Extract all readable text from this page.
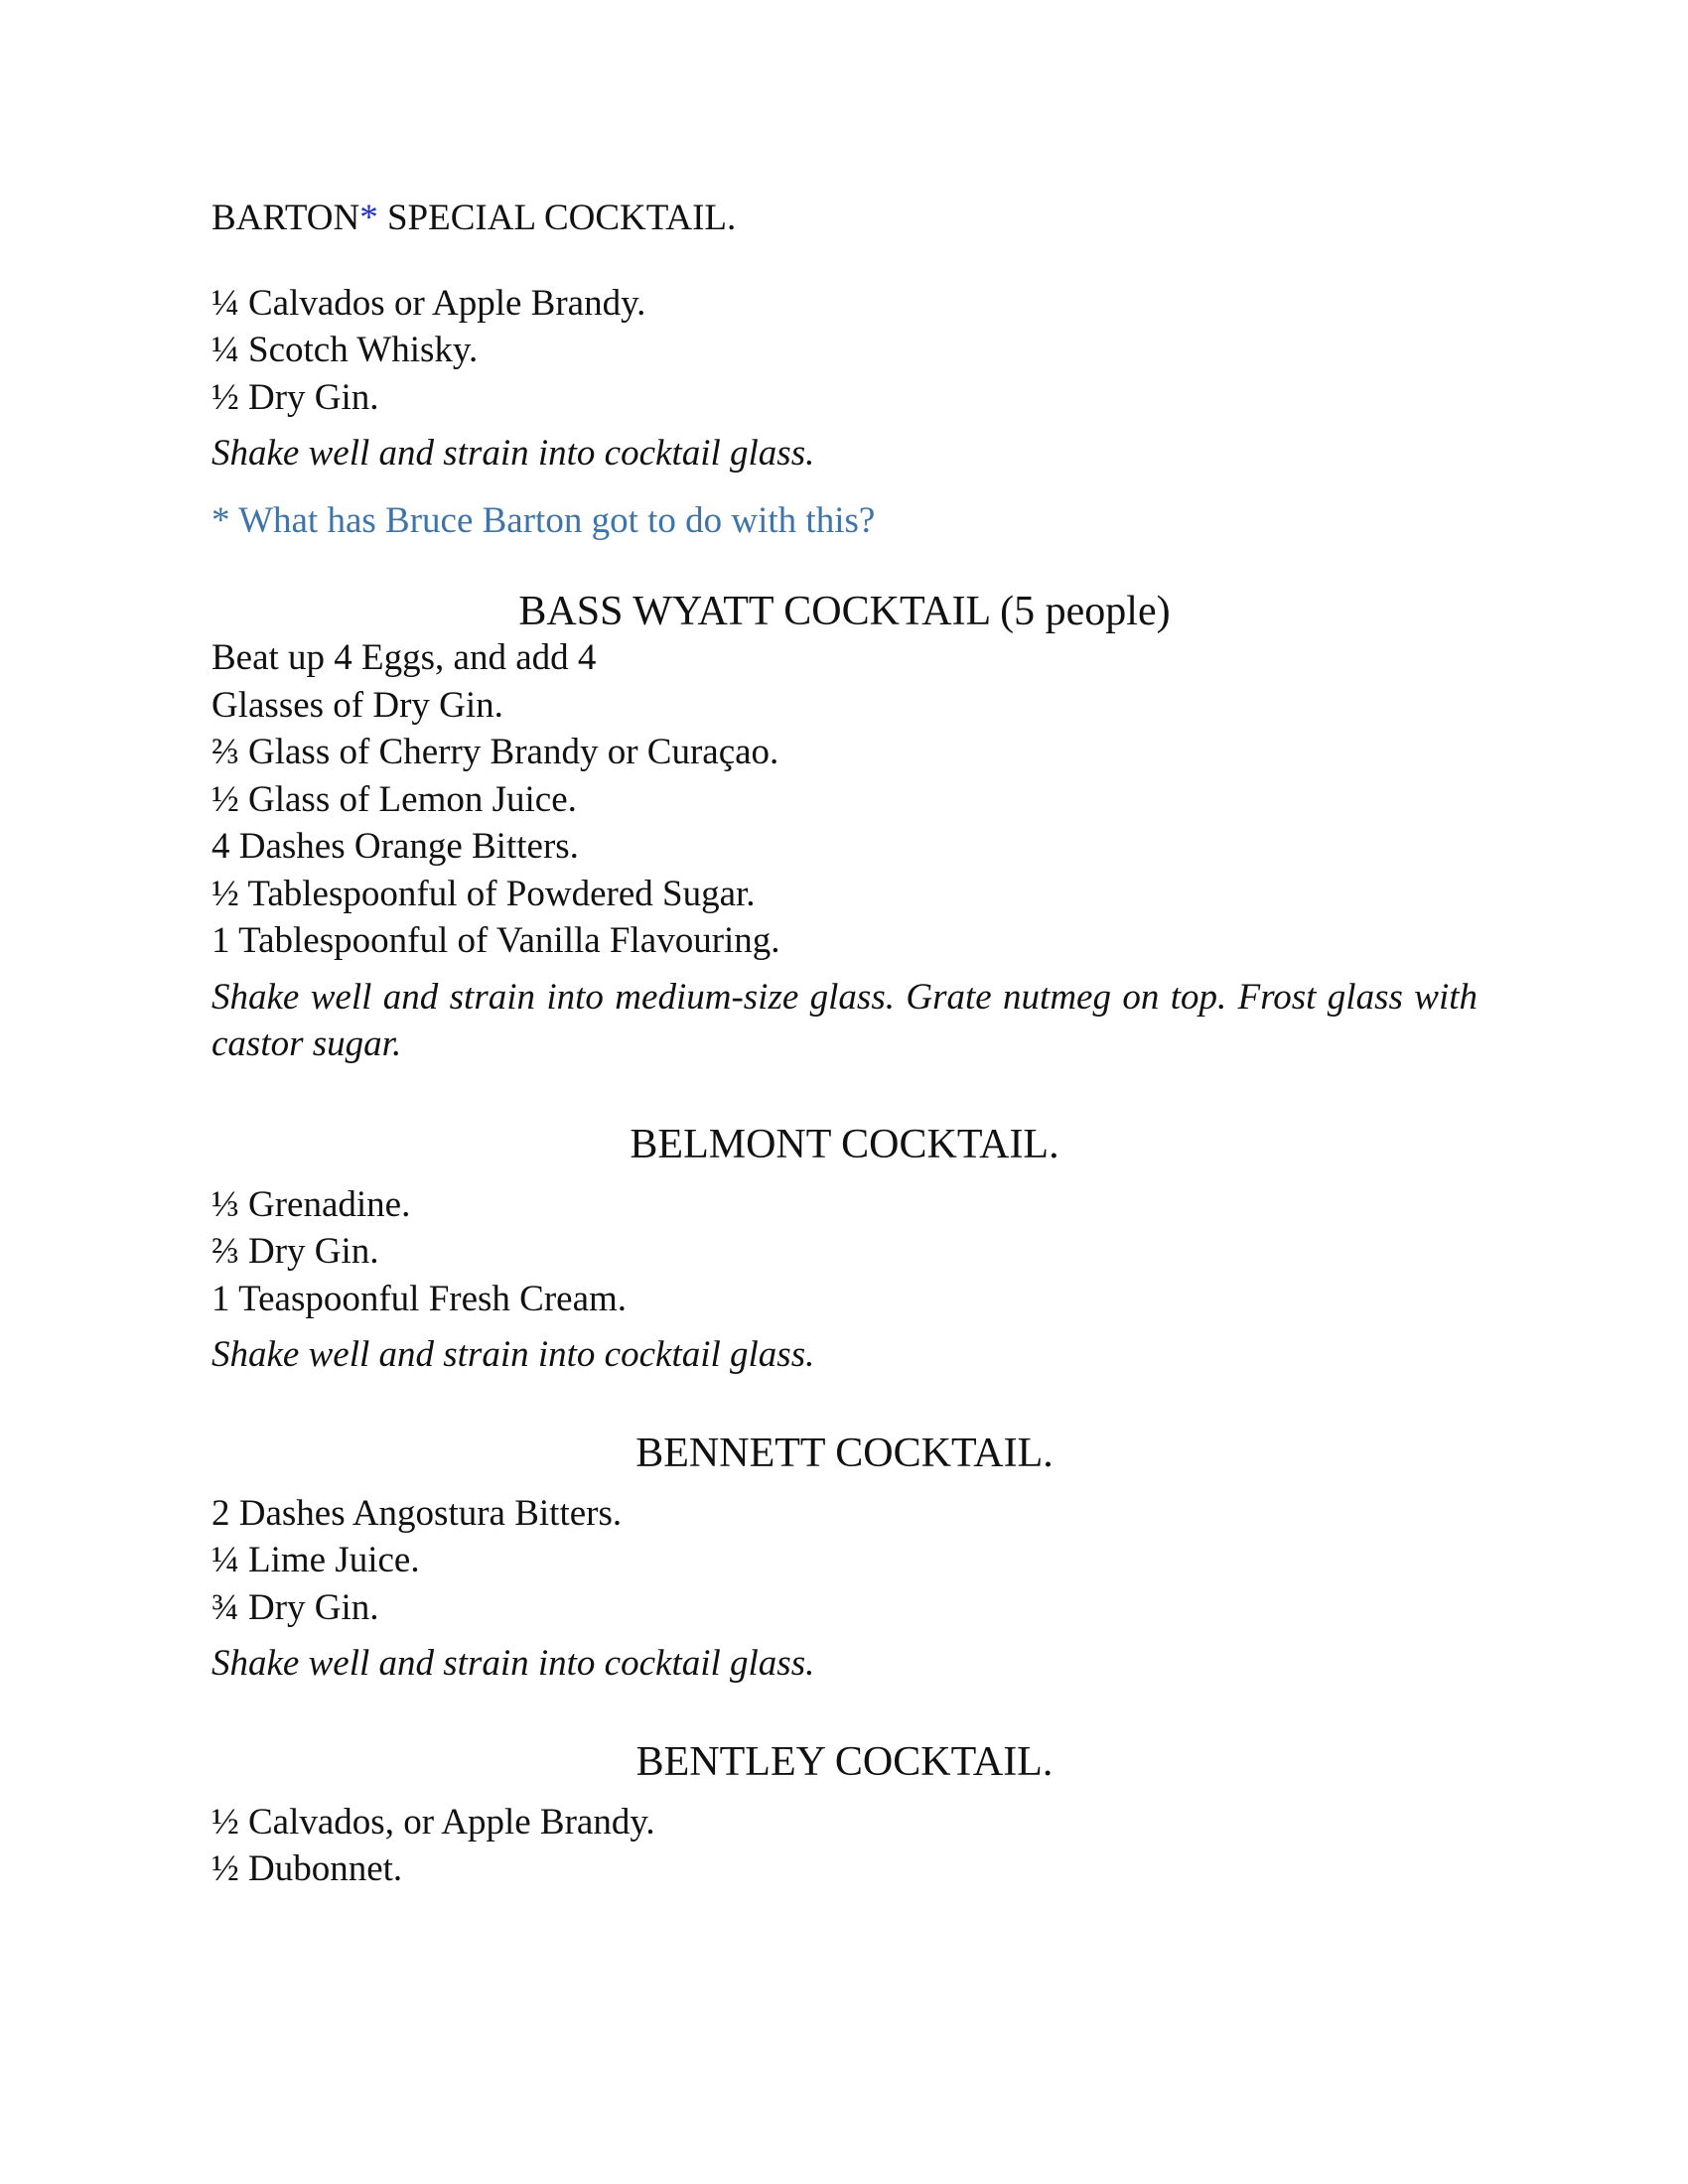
BARTON* SPECIAL COCKTAIL.

¼ Calvados or Apple Brandy.

¼ Scotch Whisky.

½ Dry Gin.

Shake well and strain into cocktail glass.

* What has Bruce Barton got to do with this?

BASS WYATT COCKTAIL (5 people)

Beat up 4 Eggs, and add 4

Glasses of Dry Gin.

⅔ Glass of Cherry Brandy or Curaçao.

½ Glass of Lemon Juice.

4 Dashes Orange Bitters.

½ Tablespoonful of Powdered Sugar.

1 Tablespoonful of Vanilla Flavouring.

Shake well and strain into medium-size glass. Grate nutmeg on top. Frost glass with castor sugar.

BELMONT COCKTAIL.

⅓ Grenadine.

⅔ Dry Gin.

1 Teaspoonful Fresh Cream.

Shake well and strain into cocktail glass.

BENNETT COCKTAIL.

2 Dashes Angostura Bitters.

¼ Lime Juice.

¾ Dry Gin.

Shake well and strain into cocktail glass.

BENTLEY COCKTAIL.

½ Calvados, or Apple Brandy.

½ Dubonnet.
